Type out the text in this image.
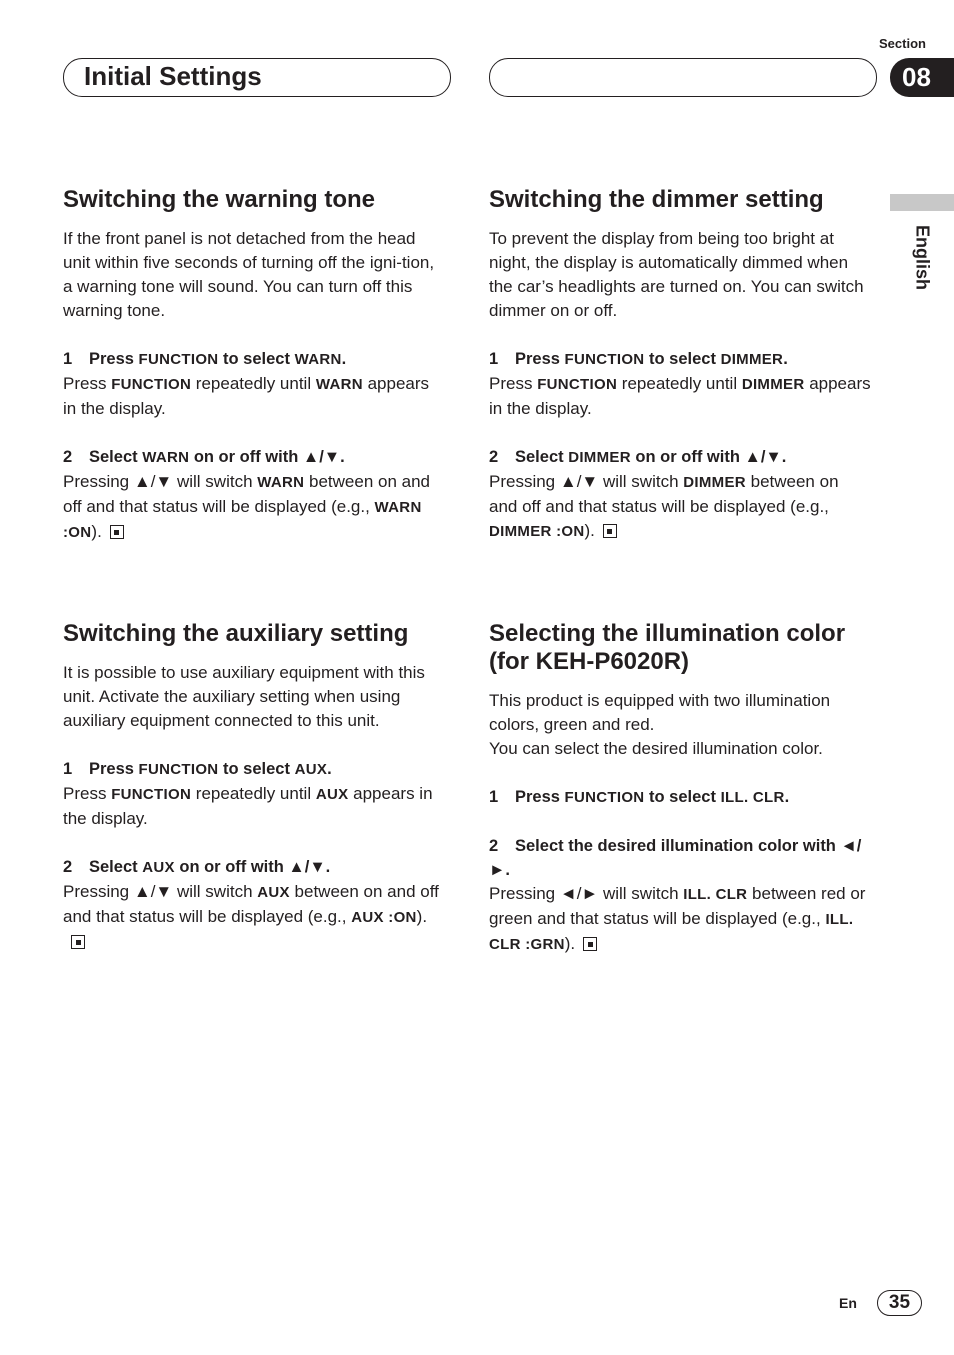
Initial Settings
Section
08
English
Switching the warning tone

If the front panel is not detached from the head unit within five seconds of turning off the igni-tion, a warning tone will sound. You can turn off this warning tone.

1 Press FUNCTION to select WARN.

Press FUNCTION repeatedly until WARN appears in the display.

2 Select WARN on or off with ▲/▼.

Pressing ▲/▼ will switch WARN between on and off and that status will be displayed (e.g., WARN :ON).

Switching the auxiliary setting

It is possible to use auxiliary equipment with this unit. Activate the auxiliary setting when using auxiliary equipment connected to this unit.

1 Press FUNCTION to select AUX.

Press FUNCTION repeatedly until AUX appears in the display.

2 Select AUX on or off with ▲/▼.

Pressing ▲/▼ will switch AUX between on and off and that status will be displayed (e.g., AUX :ON).

Switching the dimmer setting

To prevent the display from being too bright at night, the display is automatically dimmed when the car’s headlights are turned on. You can switch dimmer on or off.

1 Press FUNCTION to select DIMMER.

Press FUNCTION repeatedly until DIMMER appears in the display.

2 Select DIMMER on or off with ▲/▼.

Pressing ▲/▼ will switch DIMMER between on and off and that status will be displayed (e.g., DIMMER :ON).

Selecting the illumination color (for KEH-P6020R)

This product is equipped with two illumination colors, green and red.

You can select the desired illumination color.

1 Press FUNCTION to select ILL. CLR.

2 Select the desired illumination color with ◄/►.

Pressing ◄/► will switch ILL. CLR between red or green and that status will be displayed (e.g., ILL. CLR :GRN).

En	35
